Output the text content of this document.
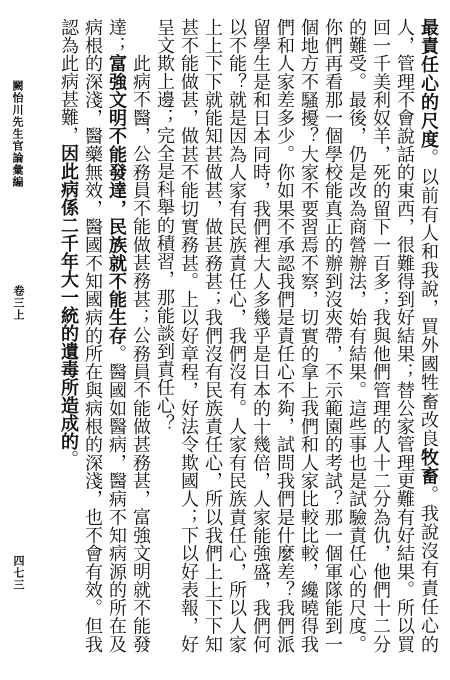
最責任心的尺度。以前有人和我說，買外國牲畜改良牧畜。我說沒有責任心的人，管理不會說話的東西，很難得到好結果；替公家管理更難有好結果。所以買回一千美利奴羊，死的留下一百多；我與他們管理的人十二分為仇，他們十二分的難受。最後，仍是改為商營辦法，始有結果。這些事也是試驗責任心的尺度。你們再看那一個學校能真正的辦到沒夾帶，不示範園的考試？那一個軍隊能到一個地方不騷擾？大家不要習焉不察，切實的拿上我們和人家比較比較，纔曉得我們和人家差多少。你如果不承認我們是責任心不夠，試問我們是什麼差？我們派留學生是和日本同時，我們裡大人多幾乎是日本的十幾倍，人家能強盛，我們何以不能？就是因為人家有民族責任心，我們沒有。人家有民族責任心，所以人家上上下下就能知甚做甚，做甚務甚；我們沒有民族責任心，所以我們上上下下知甚不能做甚，做甚不能切實務甚。上以好章程，好法令欺國人；下以好表報，好呈文欺上邊；完全是科舉的積習，那能談到責任心？
此病不醫，公務員不能做甚務甚；公務員不能做甚務甚，富強文明就不能發達；富強文明不能發達，民族就不能生存。醫國如醫病，醫病不知病源的所在及病根的深淺，醫藥無效，醫國不知國病的所在與病根的深淺，也不會有效。但我認為此病甚難，因此病係二千年大一統的遺毒所造成的。
闕怡川先生官論彙編
卷三上
四七三
